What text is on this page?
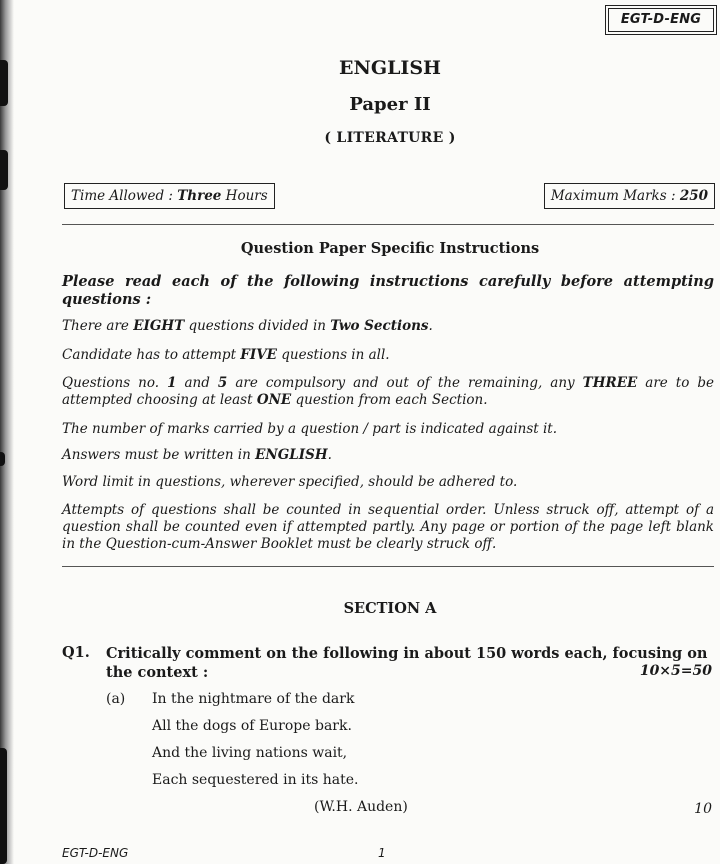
EGT-D-ENG
ENGLISH
Paper II
( LITERATURE )
Time Allowed : Three Hours	Maximum Marks : 250
Question Paper Specific Instructions
Please read each of the following instructions carefully before attempting questions :
There are EIGHT questions divided in Two Sections.
Candidate has to attempt FIVE questions in all.
Questions no. 1 and 5 are compulsory and out of the remaining, any THREE are to be attempted choosing at least ONE question from each Section.
The number of marks carried by a question / part is indicated against it.
Answers must be written in ENGLISH.
Word limit in questions, wherever specified, should be adhered to.
Attempts of questions shall be counted in sequential order. Unless struck off, attempt of a question shall be counted even if attempted partly. Any page or portion of the page left blank in the Question-cum-Answer Booklet must be clearly struck off.
SECTION A
Q1. Critically comment on the following in about 150 words each, focusing on the context :	10×5=50
(a) In the nightmare of the dark
All the dogs of Europe bark.
And the living nations wait,
Each sequestered in its hate.
(W.H. Auden)	10
EGT-D-ENG	1
